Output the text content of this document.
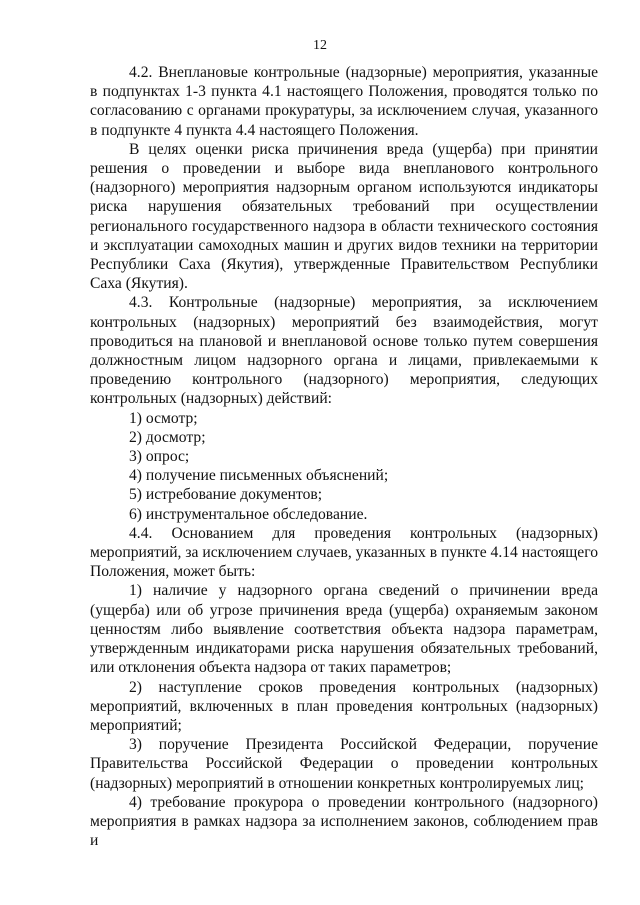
12

4.2. Внеплановые контрольные (надзорные) мероприятия, указанные в подпунктах 1-3 пункта 4.1 настоящего Положения, проводятся только по согласованию с органами прокуратуры, за исключением случая, указанного в подпункте 4 пункта 4.4 настоящего Положения.

В целях оценки риска причинения вреда (ущерба) при принятии решения о проведении и выборе вида внепланового контрольного (надзорного) мероприятия надзорным органом используются индикаторы риска нарушения обязательных требований при осуществлении регионального государственного надзора в области технического состояния и эксплуатации самоходных машин и других видов техники на территории Республики Саха (Якутия), утвержденные Правительством Республики Саха (Якутия).

4.3. Контрольные (надзорные) мероприятия, за исключением контрольных (надзорных) мероприятий без взаимодействия, могут проводиться на плановой и внеплановой основе только путем совершения должностным лицом надзорного органа и лицами, привлекаемыми к проведению контрольного (надзорного) мероприятия, следующих контрольных (надзорных) действий:

1) осмотр;

2) досмотр;

3) опрос;

4) получение письменных объяснений;

5) истребование документов;

6) инструментальное обследование.

4.4. Основанием для проведения контрольных (надзорных) мероприятий, за исключением случаев, указанных в пункте 4.14 настоящего Положения, может быть:

1) наличие у надзорного органа сведений о причинении вреда (ущерба) или об угрозе причинения вреда (ущерба) охраняемым законом ценностям либо выявление соответствия объекта надзора параметрам, утвержденным индикаторами риска нарушения обязательных требований, или отклонения объекта надзора от таких параметров;

2) наступление сроков проведения контрольных (надзорных) мероприятий, включенных в план проведения контрольных (надзорных) мероприятий;

3) поручение Президента Российской Федерации, поручение Правительства Российской Федерации о проведении контрольных (надзорных) мероприятий в отношении конкретных контролируемых лиц;

4) требование прокурора о проведении контрольного (надзорного) мероприятия в рамках надзора за исполнением законов, соблюдением прав и
